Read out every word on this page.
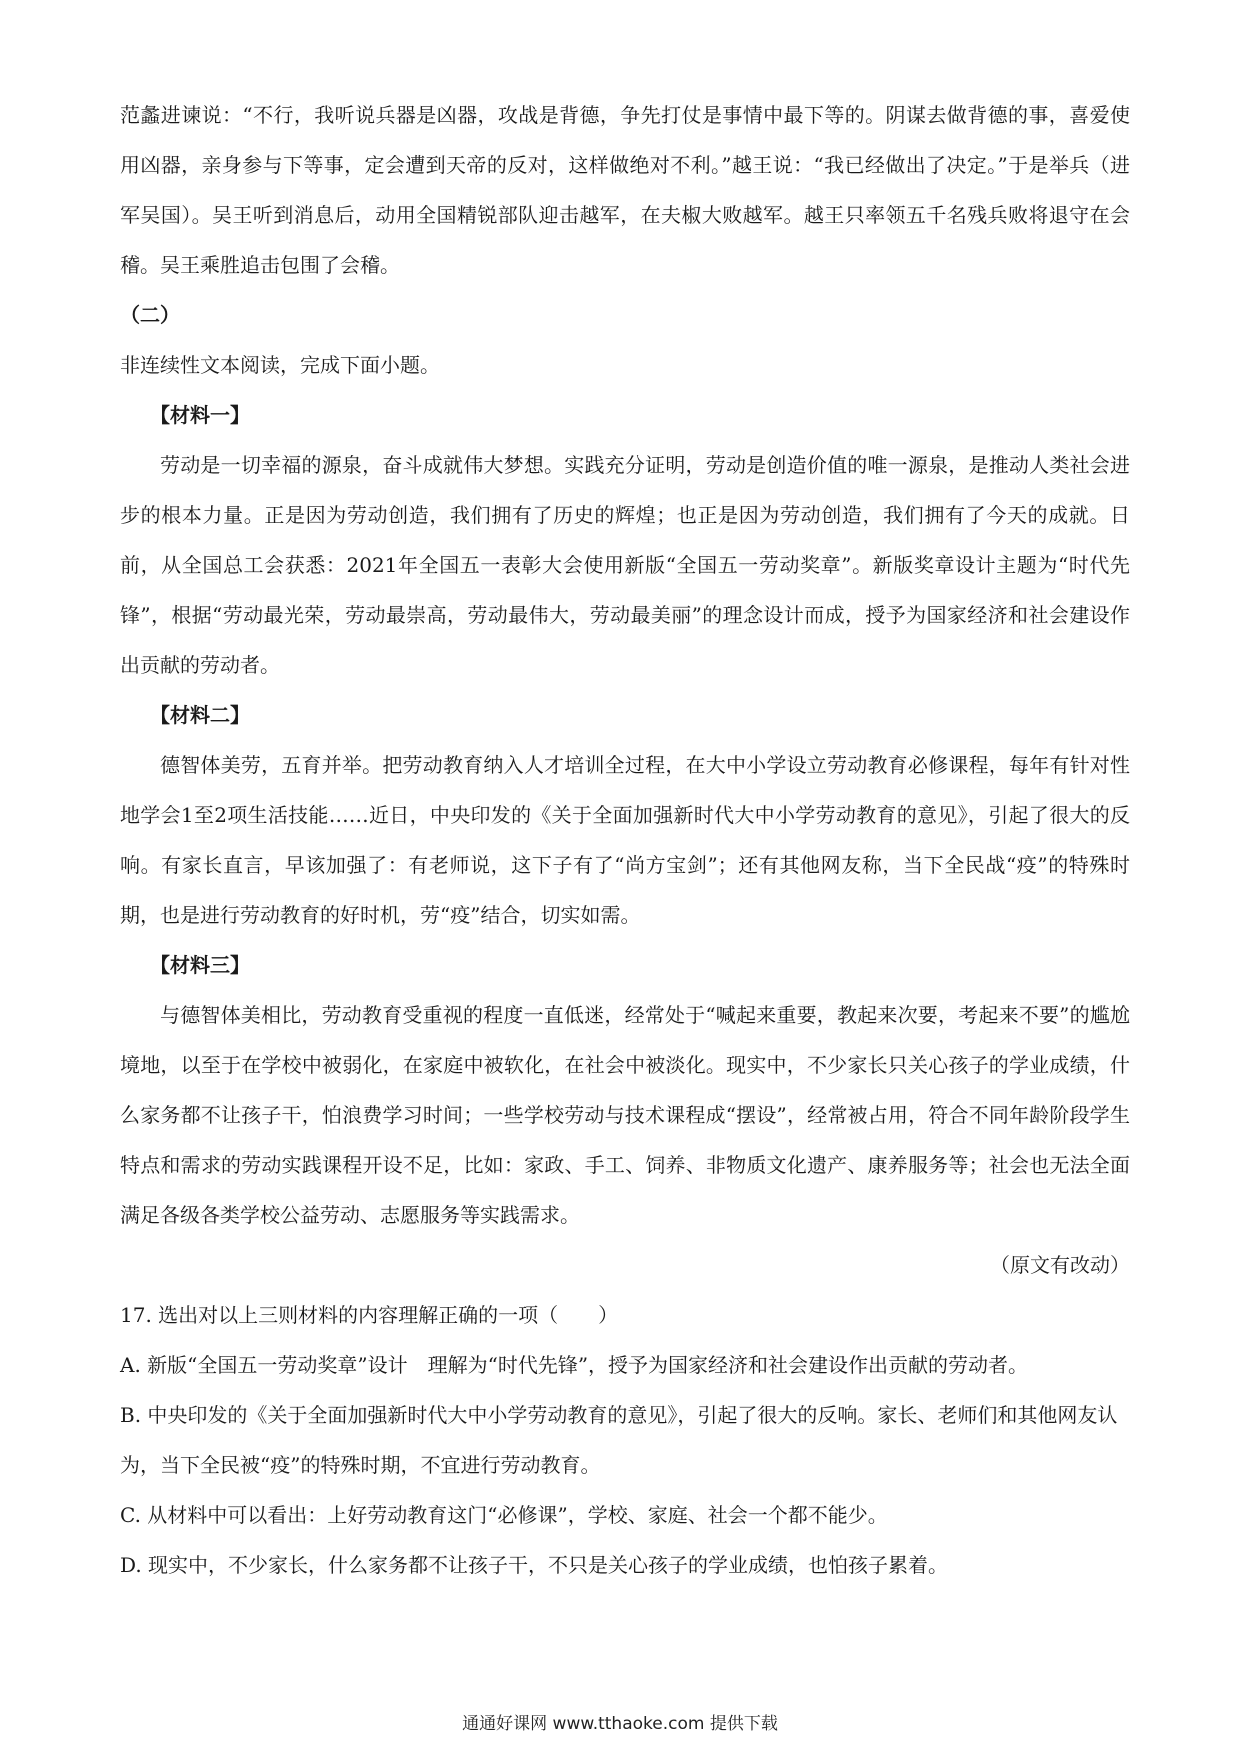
范蠡进谏说：“不行，我听说兵器是凶器，攻战是背德，争先打仗是事情中最下等的。阴谋去做背德的事，喜爱使用凶器，亲身参与下等事，定会遭到天帝的反对，这样做绝对不利。”越王说：“我已经做出了决定。”于是举兵（进军吴国）。吴王听到消息后，动用全国精锐部队迎击越军，在夫椒大败越军。越王只率领五千名残兵败将退守在会稽。吴王乘胜追击包围了会稽。

（二）

非连续性文本阅读，完成下面小题。

【材料一】

劳动是一切幸福的源泉，奋斗成就伟大梦想。实践充分证明，劳动是创造价值的唯一源泉，是推动人类社会进步的根本力量。正是因为劳动创造，我们拥有了历史的辉煌；也正是因为劳动创造，我们拥有了今天的成就。日前，从全国总工会获悉：2021年全国五一表彰大会使用新版“全国五一劳动奖章”。新版奖章设计主题为“时代先锋”，根据“劳动最光荣，劳动最崇高，劳动最伟大，劳动最美丽”的理念设计而成，授予为国家经济和社会建设作出贡献的劳动者。

【材料二】

德智体美劳，五育并举。把劳动教育纳入人才培训全过程，在大中小学设立劳动教育必修课程，每年有针对性地学会1至2项生活技能……近日，中央印发的《关于全面加强新时代大中小学劳动教育的意见》，引起了很大的反响。有家长直言，早该加强了：有老师说，这下子有了“尚方宝剑”；还有其他网友称，当下全民战“疫”的特殊时期，也是进行劳动教育的好时机，劳“疫”结合，切实如需。

【材料三】

与德智体美相比，劳动教育受重视的程度一直低迷，经常处于“喊起来重要，教起来次要，考起来不要”的尴尬境地，以至于在学校中被弱化，在家庭中被软化，在社会中被淡化。现实中，不少家长只关心孩子的学业成绩，什么家务都不让孩子干，怕浪费学习时间；一些学校劳动与技术课程成“摆设”，经常被占用，符合不同年龄阶段学生特点和需求的劳动实践课程开设不足，比如：家政、手工、饲养、非物质文化遗产、康养服务等；社会也无法全面满足各级各类学校公益劳动、志愿服务等实践需求。

（原文有改动）

17. 选出对以上三则材料的内容理解正确的一项（　　）

A. 新版“全国五一劳动奖章”设计　理解为“时代先锋”，授予为国家经济和社会建设作出贡献的劳动者。

B. 中央印发的《关于全面加强新时代大中小学劳动教育的意见》，引起了很大的反响。家长、老师们和其他网友认为，当下全民被“疫”的特殊时期，不宜进行劳动教育。

C. 从材料中可以看出：上好劳动教育这门“必修课”，学校、家庭、社会一个都不能少。

D. 现实中，不少家长，什么家务都不让孩子干，不只是关心孩子的学业成绩，也怕孩子累着。

通通好课网 www.tthaoke.com 提供下载
